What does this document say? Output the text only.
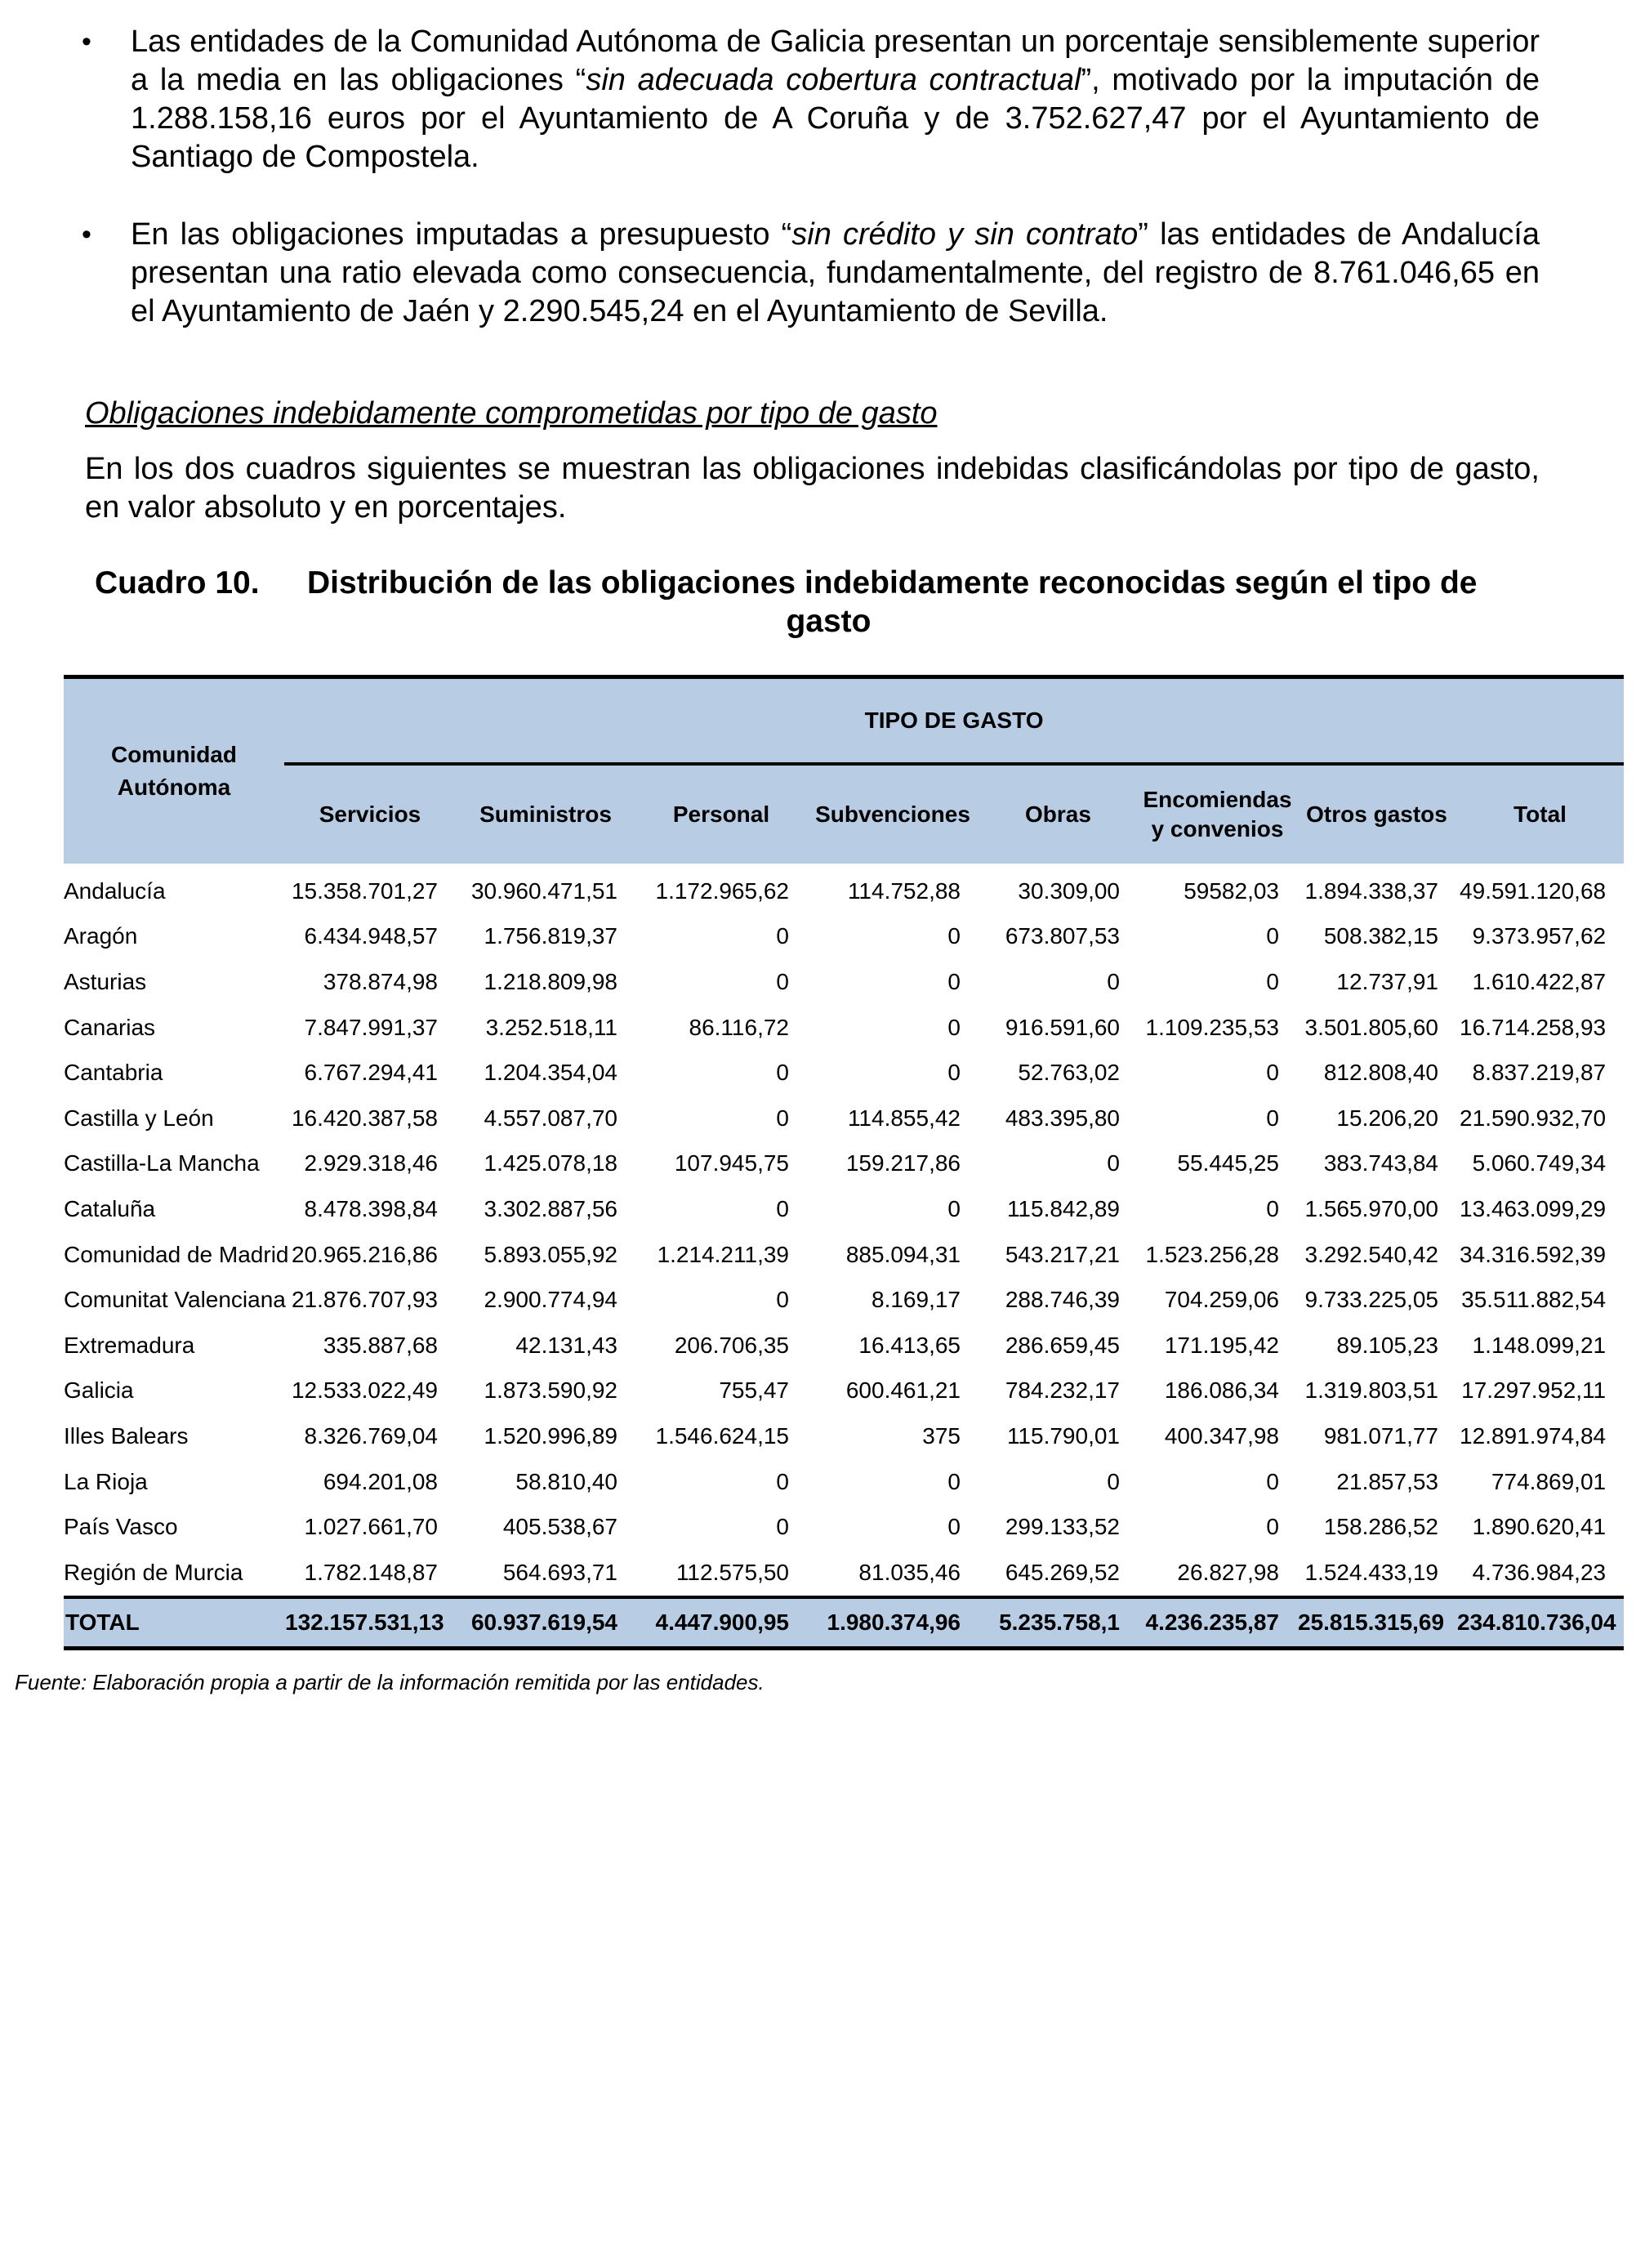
• Las entidades de la Comunidad Autónoma de Galicia presentan un porcentaje sensiblemente superior a la media en las obligaciones “sin adecuada cobertura contractual”, motivado por la imputación de 1.288.158,16 euros por el Ayuntamiento de A Coruña y de 3.752.627,47 por el Ayuntamiento de Santiago de Compostela.
• En las obligaciones imputadas a presupuesto “sin crédito y sin contrato” las entidades de Andalucía presentan una ratio elevada como consecuencia, fundamentalmente, del registro de 8.761.046,65 en el Ayuntamiento de Jaén y 2.290.545,24 en el Ayuntamiento de Sevilla.
Obligaciones indebidamente comprometidas por tipo de gasto
En los dos cuadros siguientes se muestran las obligaciones indebidas clasificándolas por tipo de gasto, en valor absoluto y en porcentajes.
Cuadro 10. Distribución de las obligaciones indebidamente reconocidas según el tipo de
gasto
Comunidad Autónoma	TIPO DE GASTO							
	Servicios	Suministros	Personal	Subvenciones	Obras	Encomiendas y convenios	Otros gastos	Total
Andalucía	15.358.701,27	30.960.471,51	1.172.965,62	114.752,88	30.309,00	59582,03	1.894.338,37	49.591.120,68
Aragón	6.434.948,57	1.756.819,37	0	0	673.807,53	0	508.382,15	9.373.957,62
Asturias	378.874,98	1.218.809,98	0	0	0	0	12.737,91	1.610.422,87
Canarias	7.847.991,37	3.252.518,11	86.116,72	0	916.591,60	1.109.235,53	3.501.805,60	16.714.258,93
Cantabria	6.767.294,41	1.204.354,04	0	0	52.763,02	0	812.808,40	8.837.219,87
Castilla y León	16.420.387,58	4.557.087,70	0	114.855,42	483.395,80	0	15.206,20	21.590.932,70
Castilla-La Mancha	2.929.318,46	1.425.078,18	107.945,75	159.217,86	0	55.445,25	383.743,84	5.060.749,34
Cataluña	8.478.398,84	3.302.887,56	0	0	115.842,89	0	1.565.970,00	13.463.099,29
Comunidad de Madrid	20.965.216,86	5.893.055,92	1.214.211,39	885.094,31	543.217,21	1.523.256,28	3.292.540,42	34.316.592,39
Comunitat Valenciana	21.876.707,93	2.900.774,94	0	8.169,17	288.746,39	704.259,06	9.733.225,05	35.511.882,54
Extremadura	335.887,68	42.131,43	206.706,35	16.413,65	286.659,45	171.195,42	89.105,23	1.148.099,21
Galicia	12.533.022,49	1.873.590,92	755,47	600.461,21	784.232,17	186.086,34	1.319.803,51	17.297.952,11
Illes Balears	8.326.769,04	1.520.996,89	1.546.624,15	375	115.790,01	400.347,98	981.071,77	12.891.974,84
La Rioja	694.201,08	58.810,40	0	0	0	0	21.857,53	774.869,01
País Vasco	1.027.661,70	405.538,67	0	0	299.133,52	0	158.286,52	1.890.620,41
Región de Murcia	1.782.148,87	564.693,71	112.575,50	81.035,46	645.269,52	26.827,98	1.524.433,19	4.736.984,23
TOTAL	132.157.531,13	60.937.619,54	4.447.900,95	1.980.374,96	5.235.758,1	4.236.235,87	25.815.315,69	234.810.736,04
Fuente: Elaboración propia a partir de la información remitida por las entidades.
